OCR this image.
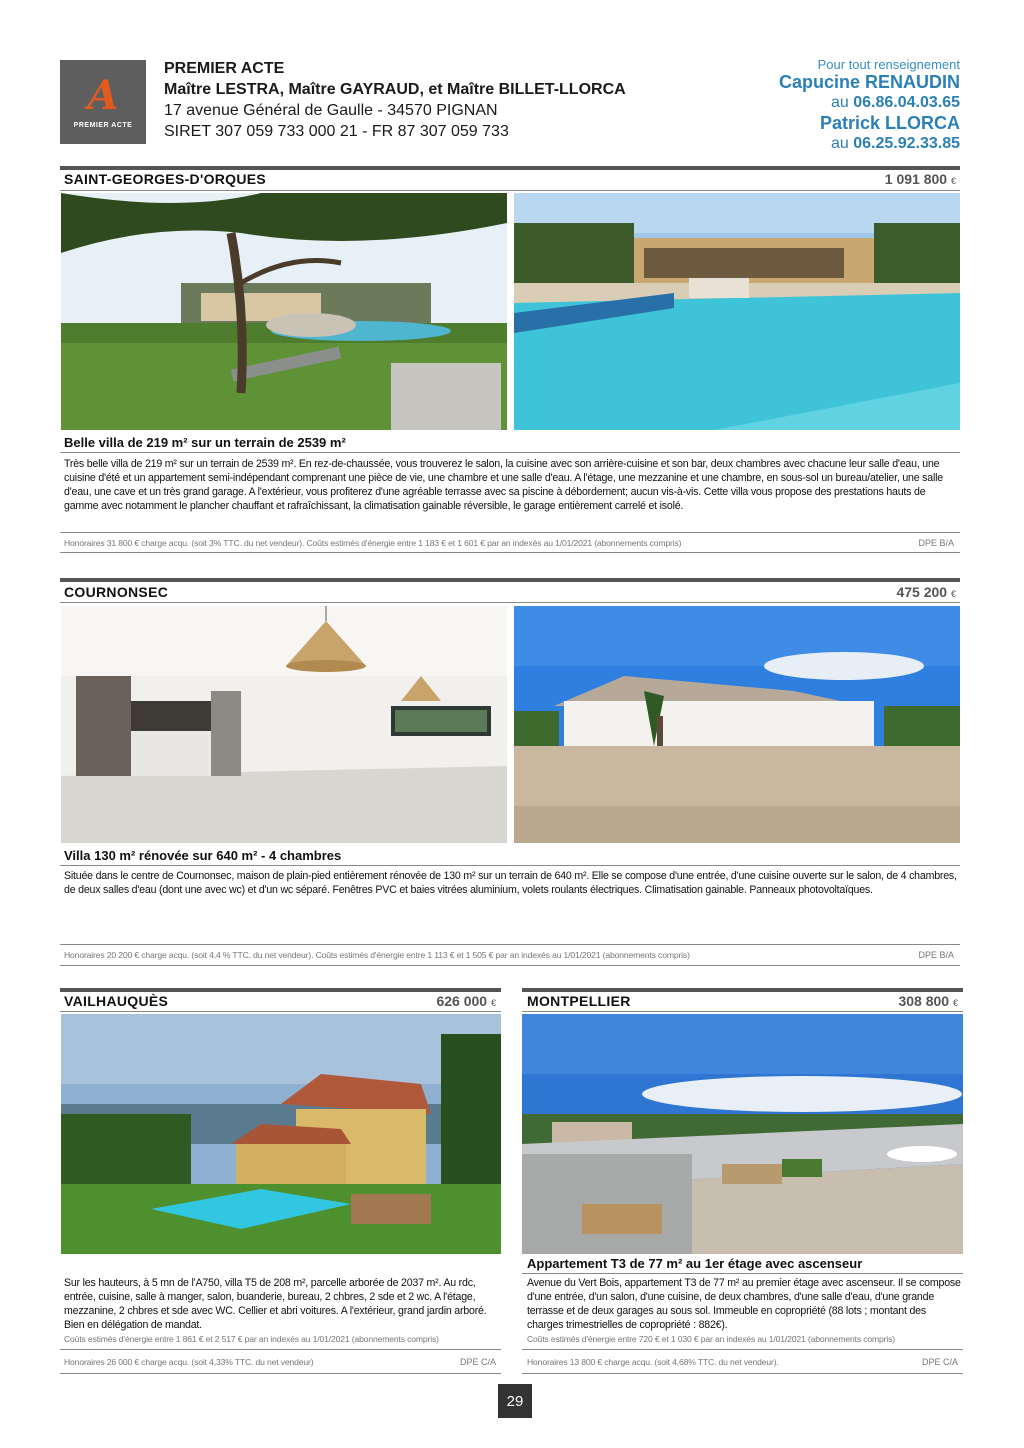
A
PREMIER ACTE
PREMIER ACTE
Maître LESTRA, Maître GAYRAUD, et Maître BILLET-LLORCA
17 avenue Général de Gaulle - 34570 PIGNAN
SIRET 307 059 733 000 21 - FR 87 307 059 733
Pour tout renseignement
Capucine RENAUDIN
au 06.86.04.03.65
Patrick LLORCA
au 06.25.92.33.85
SAINT-GEORGES-D'ORQUES	1 091 800 €
Belle villa de 219 m² sur un terrain de 2539 m²
Très belle villa de 219 m² sur un terrain de 2539 m². En rez-de-chaussée, vous trouverez le salon, la cuisine avec son arrière-cuisine et son bar, deux chambres avec chacune leur salle d'eau, une cuisine d'été et un appartement semi-indépendant comprenant une pièce de vie, une chambre et une salle d'eau. A l'étage, une mezzanine et une chambre, en sous-sol un bureau/atelier, une salle d'eau, une cave et un très grand garage. A l'extérieur, vous profiterez d'une agréable terrasse avec sa piscine à débordement; aucun vis-à-vis. Cette villa vous propose des prestations hauts de gamme avec notamment le plancher chauffant et rafraîchissant, la climatisation gainable réversible, le garage entièrement carrelé et isolé.
Honoraires 31 800 € charge acqu. (soit 3% TTC. du net vendeur). Coûts estimés d'énergie entre 1 183 € et 1 601 € par an indexés au 1/01/2021 (abonnements compris)	DPE B/A
COURNONSEC	475 200 €
Villa 130 m² rénovée sur 640 m² - 4 chambres
Située dans le centre de Cournonsec, maison de plain-pied entièrement rénovée de 130 m² sur un terrain de 640 m². Elle se compose d'une entrée, d'une cuisine ouverte sur le salon, de 4 chambres, de deux salles d'eau (dont une avec wc) et d'un wc séparé. Fenêtres PVC et baies vitrées aluminium, volets roulants électriques. Climatisation gainable. Panneaux photovoltaïques.
Honoraires 20 200 € charge acqu. (soit 4,4 % TTC. du net vendeur). Coûts estimés d'énergie entre 1 113 € et 1 505 € par an indexés au 1/01/2021 (abonnements compris)	DPE B/A
VAILHAUQUÈS	626 000 €
Sur les hauteurs, à 5 mn de l'A750, villa T5 de 208 m², parcelle arborée de 2037 m². Au rdc, entrée, cuisine, salle à manger, salon, buanderie, bureau, 2 chbres, 2 sde et 2 wc. A l'étage, mezzanine, 2 chbres et sde avec WC. Cellier et abri voitures. A l'extérieur, grand jardin arboré. Bien en délégation de mandat.
Coûts estimés d'énergie entre 1 861 € et 2 517 € par an indexés au 1/01/2021 (abonnements compris)
Honoraires 26 000 € charge acqu. (soit 4,33% TTC. du net vendeur)	DPE C/A
MONTPELLIER	308 800 €
Appartement T3 de 77 m² au 1er étage avec ascenseur
Avenue du Vert Bois, appartement T3 de 77 m² au premier étage avec ascenseur. Il se compose d'une entrée, d'un salon, d'une cuisine, de deux chambres, d'une salle d'eau, d'une grande terrasse et de deux garages au sous sol. Immeuble en copropriété (88 lots ; montant des charges trimestrielles de copropriété : 882€).
Coûts estimés d'énergie entre 720 € et 1 030 € par an indexés au 1/01/2021 (abonnements compris)
Honoraires 13 800 € charge acqu. (soit 4,68% TTC. du net vendeur).	DPE C/A
29
